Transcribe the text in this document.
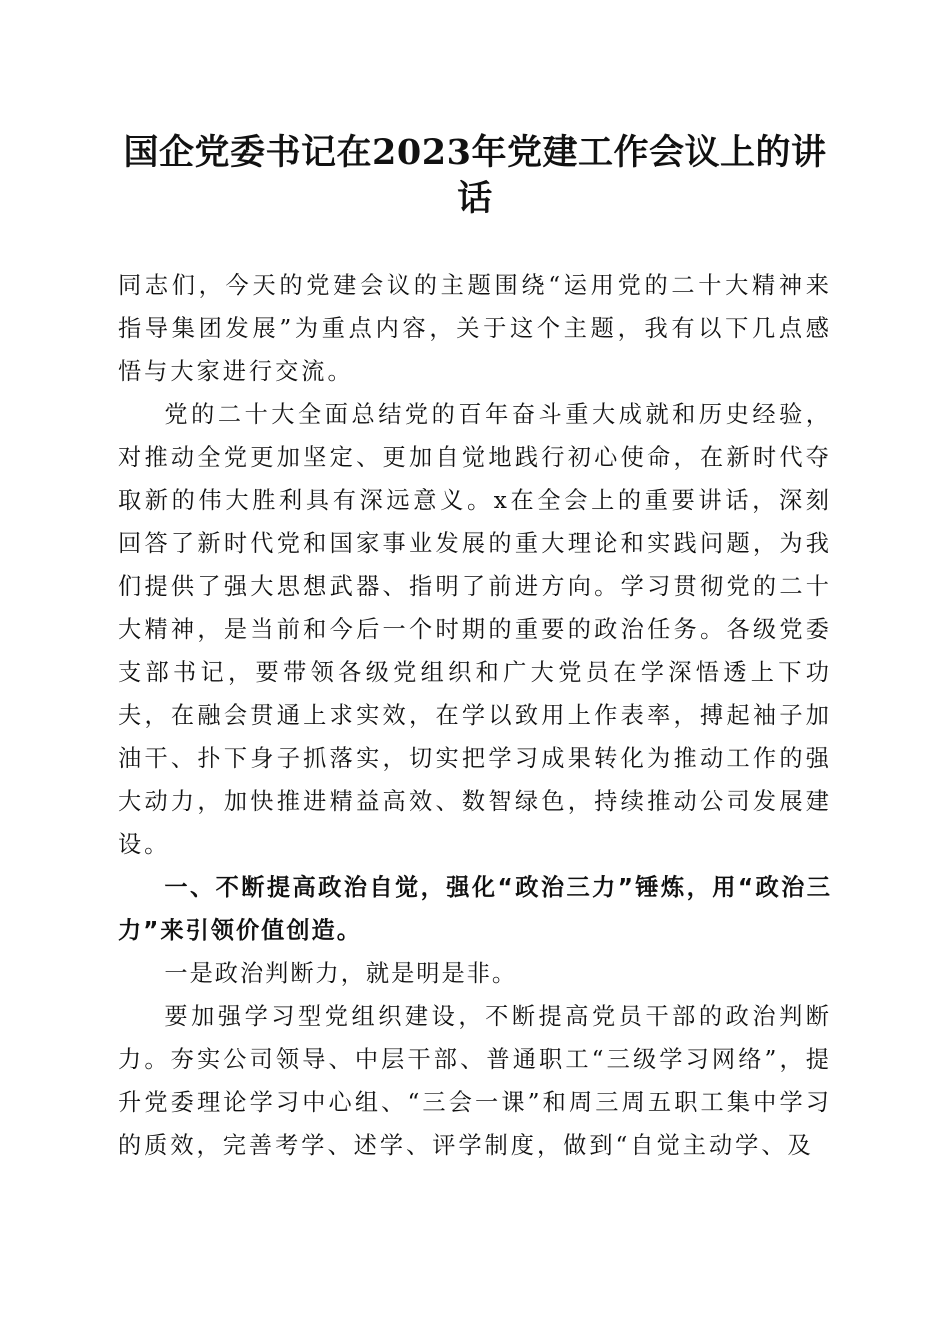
国企党委书记在2023年党建工作会议上的讲话

同志们，今天的党建会议的主题围绕“运用党的二十大精神来指导集团发展”为重点内容，关于这个主题，我有以下几点感悟与大家进行交流。

党的二十大全面总结党的百年奋斗重大成就和历史经验，对推动全党更加坚定、更加自觉地践行初心使命，在新时代夺取新的伟大胜利具有深远意义。x在全会上的重要讲话，深刻回答了新时代党和国家事业发展的重大理论和实践问题，为我们提供了强大思想武器、指明了前进方向。学习贯彻党的二十大精神，是当前和今后一个时期的重要的政治任务。各级党委支部书记，要带领各级党组织和广大党员在学深悟透上下功夫，在融会贯通上求实效，在学以致用上作表率，搏起袖子加油干、扑下身子抓落实，切实把学习成果转化为推动工作的强大动力，加快推进精益高效、数智绿色，持续推动公司发展建设。

一、不断提高政治自觉，强化“政治三力”锤炼，用“政治三力”来引领价值创造。

一是政治判断力，就是明是非。

要加强学习型党组织建设，不断提高党员干部的政治判断力。夯实公司领导、中层干部、普通职工“三级学习网络”，提升党委理论学习中心组、“三会一课”和周三周五职工集中学习的质效，完善考学、述学、评学制度，做到“自觉主动学、及
